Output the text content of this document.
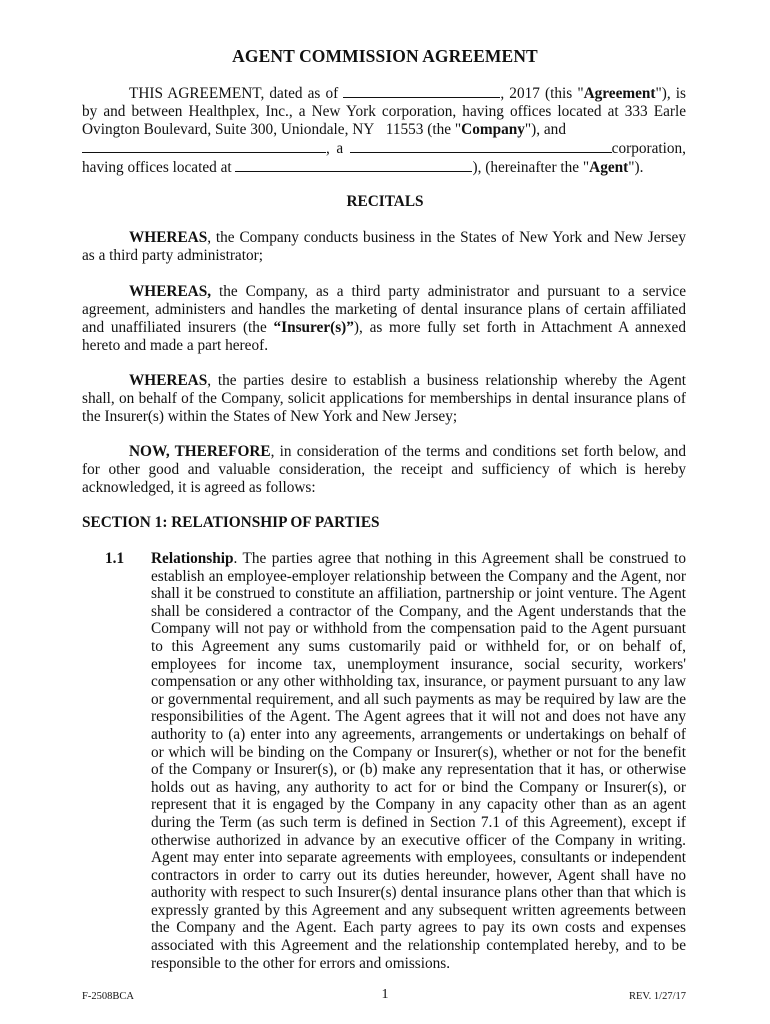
AGENT COMMISSION AGREEMENT
THIS AGREEMENT, dated as of	, 2017 (this "Agreement"), is by and between Healthplex, Inc., a New York corporation, having offices located at 333 Earle Ovington Boulevard, Suite 300, Uniondale, NY   11553 (the "Company"), and
, a	corporation, having offices located at	), (hereinafter the "Agent").
RECITALS
WHEREAS, the Company conducts business in the States of New York and New Jersey as a third party administrator;
WHEREAS, the Company, as a third party administrator and pursuant to a service agreement, administers and handles the marketing of dental insurance plans of certain affiliated and unaffiliated insurers (the “Insurer(s)”), as more fully set forth in Attachment A annexed hereto and made a part hereof.
WHEREAS, the parties desire to establish a business relationship whereby the Agent shall, on behalf of the Company, solicit applications for memberships in dental insurance plans of the Insurer(s) within the States of New York and New Jersey;
NOW, THEREFORE, in consideration of the terms and conditions set forth below, and for other good and valuable consideration, the receipt and sufficiency of which is hereby acknowledged, it is agreed as follows:
SECTION 1: RELATIONSHIP OF PARTIES
1.1 Relationship. The parties agree that nothing in this Agreement shall be construed to establish an employee-employer relationship between the Company and the Agent, nor shall it be construed to constitute an affiliation, partnership or joint venture. The Agent shall be considered a contractor of the Company, and the Agent understands that the Company will not pay or withhold from the compensation paid to the Agent pursuant to this Agreement any sums customarily paid or withheld for, or on behalf of, employees for income tax, unemployment insurance, social security, workers' compensation or any other withholding tax, insurance, or payment pursuant to any law or governmental requirement, and all such payments as may be required by law are the responsibilities of the Agent. The Agent agrees that it will not and does not have any authority to (a) enter into any agreements, arrangements or undertakings on behalf of or which will be binding on the Company or Insurer(s), whether or not for the benefit of the Company or Insurer(s), or (b) make any representation that it has, or otherwise holds out as having, any authority to act for or bind the Company or Insurer(s), or represent that it is engaged by the Company in any capacity other than as an agent during the Term (as such term is defined in Section 7.1 of this Agreement), except if otherwise authorized in advance by an executive officer of the Company in writing. Agent may enter into separate agreements with employees, consultants or independent contractors in order to carry out its duties hereunder, however, Agent shall have no authority with respect to such Insurer(s) dental insurance plans other than that which is expressly granted by this Agreement and any subsequent written agreements between the Company and the Agent. Each party agrees to pay its own costs and expenses associated with this Agreement and the relationship contemplated hereby, and to be responsible to the other for errors and omissions.
F-2508BCA	1	REV. 1/27/17
